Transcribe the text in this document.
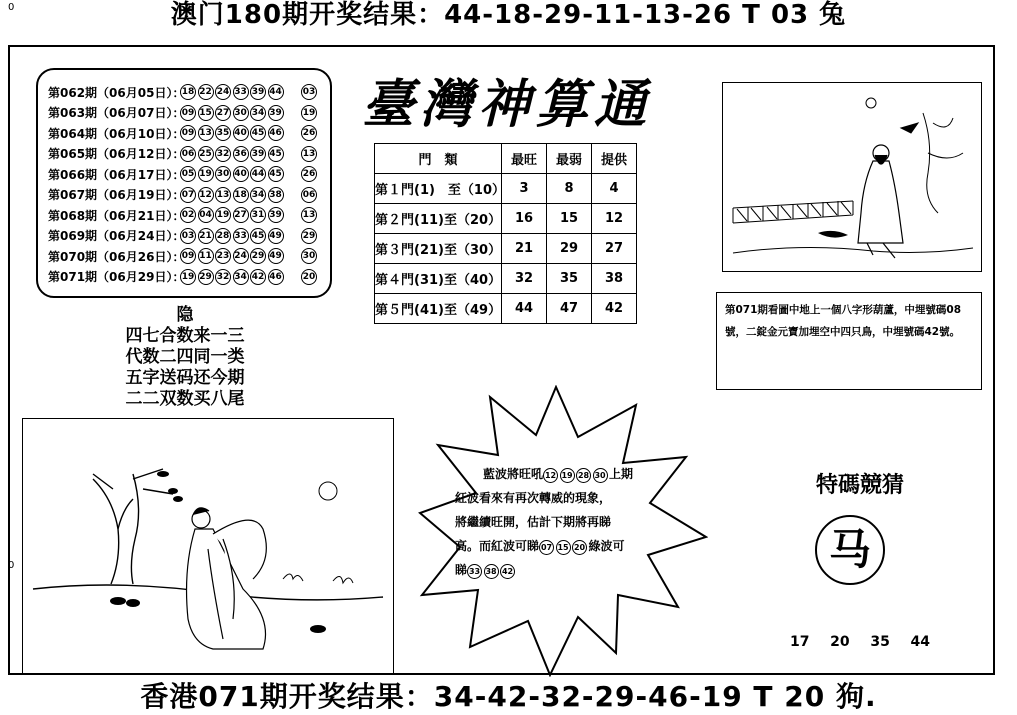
澳门180期开奖结果：44-18-29-11-13-26 T 03 兔
0
0
第062期（06月05日）：
18 22 24 33 39 44 03
第063期（06月07日）：
09 15 27 30 34 39 19
第064期（06月10日）：
09 13 35 40 45 46 26
第065期（06月12日）：
06 25 32 36 39 45 13
第066期（06月17日）：
05 19 30 40 44 45 26
第067期（06月19日）：
07 12 13 18 34 38 06
第068期（06月21日）：
02 04 19 27 31 39 13
第069期（06月24日）：
03 21 28 33 45 49 29
第070期（06月26日）：
09 11 23 24 29 49 30
第071期（06月29日）：
19 29 32 34 42 46 20
隐
四七合数来一三
代数二四同一类
五字送码还今期
二二双数买八尾
臺灣神算通
門　類	最旺	最弱	提供
第１門(1)　至（10）	3	8	4
第２門(11)至（20）	16	15	12
第３門(21)至（30）	21	29	27
第４門(31)至（40）	32	35	38
第５門(41)至（49）	44	47	42	第071期看圖中地上一個八字形葫蘆，中埋號碼08號，二錠金元寶加埋空中四只鳥，中埋號碼42號。
藍波將旺吼 12 19 28 30 上期
紅波看來有再次轉威的現象，
將繼續旺開，估計下期將再睇
高。而紅波可睇 07 15 20 綠波可
睇 33 38 42
特碼競猜
马
17 20 35 44
香港071期开奖结果：34-42-32-29-46-19 T 20 狗.
